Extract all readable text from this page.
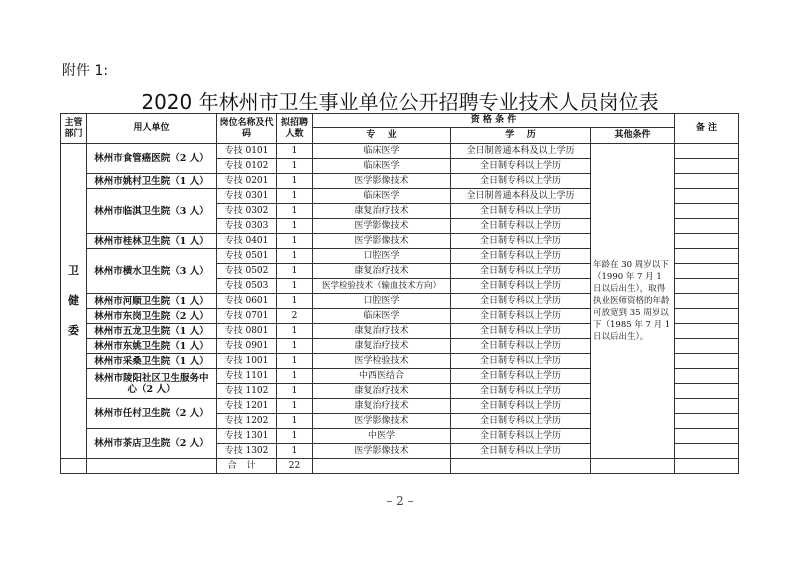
附件 1:
2020 年林州市卫生事业单位公开招聘专业技术人员岗位表
主管部门	用人单位	岗位名称及代码	拟招聘人数	资 格 条 件			备 注
				专    业	学    历	其他条件	
卫健委	林州市食管癌医院（2 人）	专技 0101	1	临床医学	全日制普通本科及以上学历	年龄在 30 周岁以下（1990 年 7 月 1 日以后出生），取得执业医师资格的年龄可放宽到 35 周岁以下（1985 年 7 月 1 日以后出生）。	
		专技 0102	1	临床医学	全日制专科以上学历		
	林州市姚村卫生院（1 人）	专技 0201	1	医学影像技术	全日制专科以上学历		
	林州市临淇卫生院（3 人）	专技 0301	1	临床医学	全日制普通本科及以上学历		
		专技 0302	1	康复治疗技术	全日制专科以上学历		
		专技 0303	1	医学影像技术	全日制专科以上学历		
	林州市桂林卫生院（1 人）	专技 0401	1	医学影像技术	全日制专科以上学历		
	林州市横水卫生院（3 人）	专技 0501	1	口腔医学	全日制专科以上学历		
		专技 0502	1	康复治疗技术	全日制专科以上学历		
		专技 0503	1	医学检验技术（输血技术方向）	全日制专科以上学历		
	林州市河顺卫生院（1 人）	专技 0601	1	口腔医学	全日制专科以上学历		
	林州市东岗卫生院（2 人）	专技 0701	2	临床医学	全日制专科以上学历		
	林州市五龙卫生院（1 人）	专技 0801	1	康复治疗技术	全日制专科以上学历		
	林州市东姚卫生院（1 人）	专技 0901	1	康复治疗技术	全日制专科以上学历		
	林州市采桑卫生院（1 人）	专技 1001	1	医学检验技术	全日制专科以上学历		
	林州市陵阳社区卫生服务中心（2 人）	专技 1101	1	中西医结合	全日制专科以上学历		
		专技 1102	1	康复治疗技术	全日制专科以上学历		
	林州市任村卫生院（2 人）	专技 1201	1	康复治疗技术	全日制专科以上学历		
		专技 1202	1	医学影像技术	全日制专科以上学历		
	林州市茶店卫生院（2 人）	专技 1301	1	中医学	全日制专科以上学历		
		专技 1302	1	医学影像技术	全日制专科以上学历		
		合计	22				
– 2 –
